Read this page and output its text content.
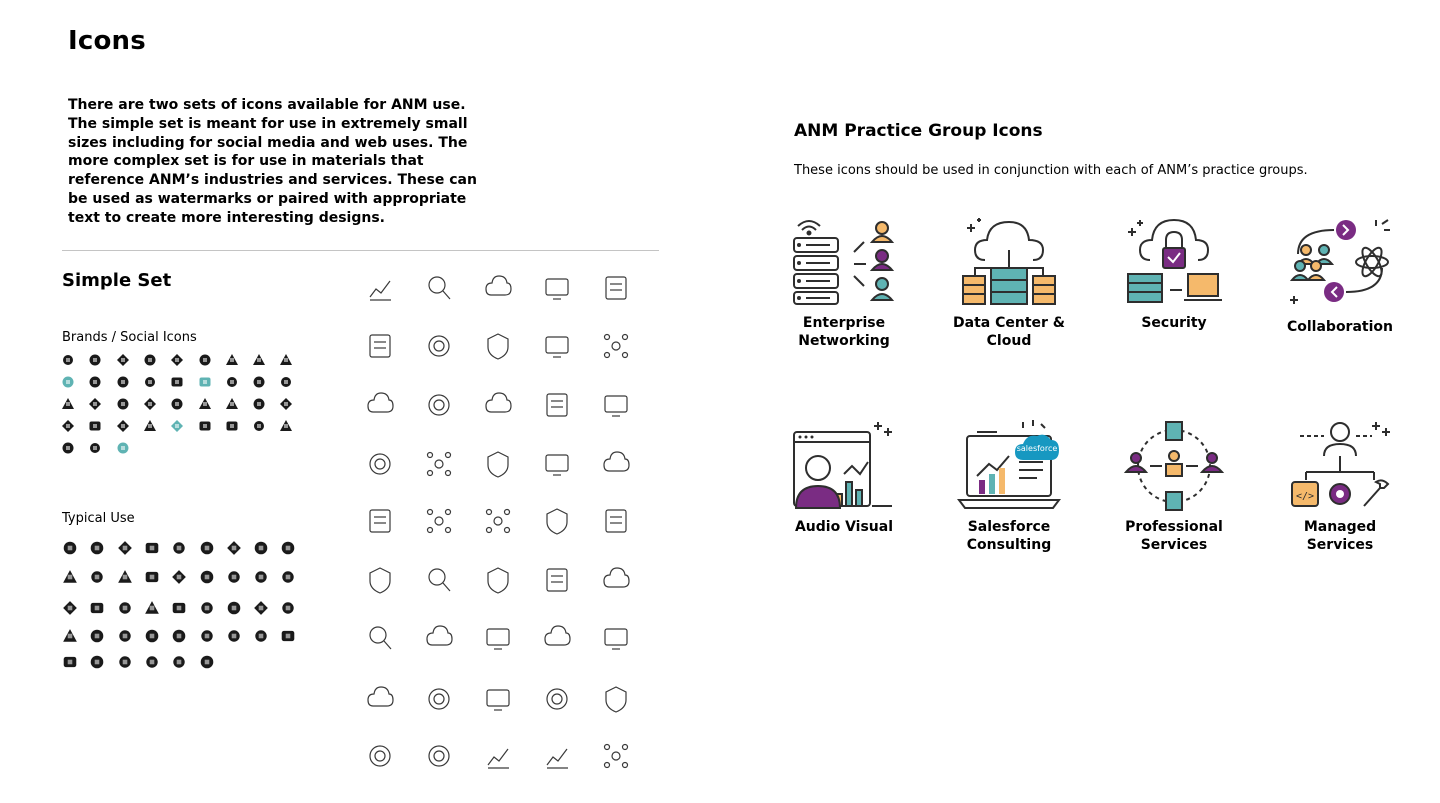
Icons
There are two sets of icons available for ANM use. The simple set is meant for use in extremely small sizes including for social media and web uses. The more complex set is for use in materials that reference ANM’s industries and services. These can be used as watermarks or paired with appropriate text to create more interesting designs.
Simple Set
Brands / Social Icons
Typical Use
ANM Practice Group Icons
These icons should be used in conjunction with each of ANM’s practice groups.
Enterprise Networking
Data Center & Cloud
Security	Collaboration
Audio Visual
salesforce
Salesforce Consulting
Professional Services
</>
Managed Services
